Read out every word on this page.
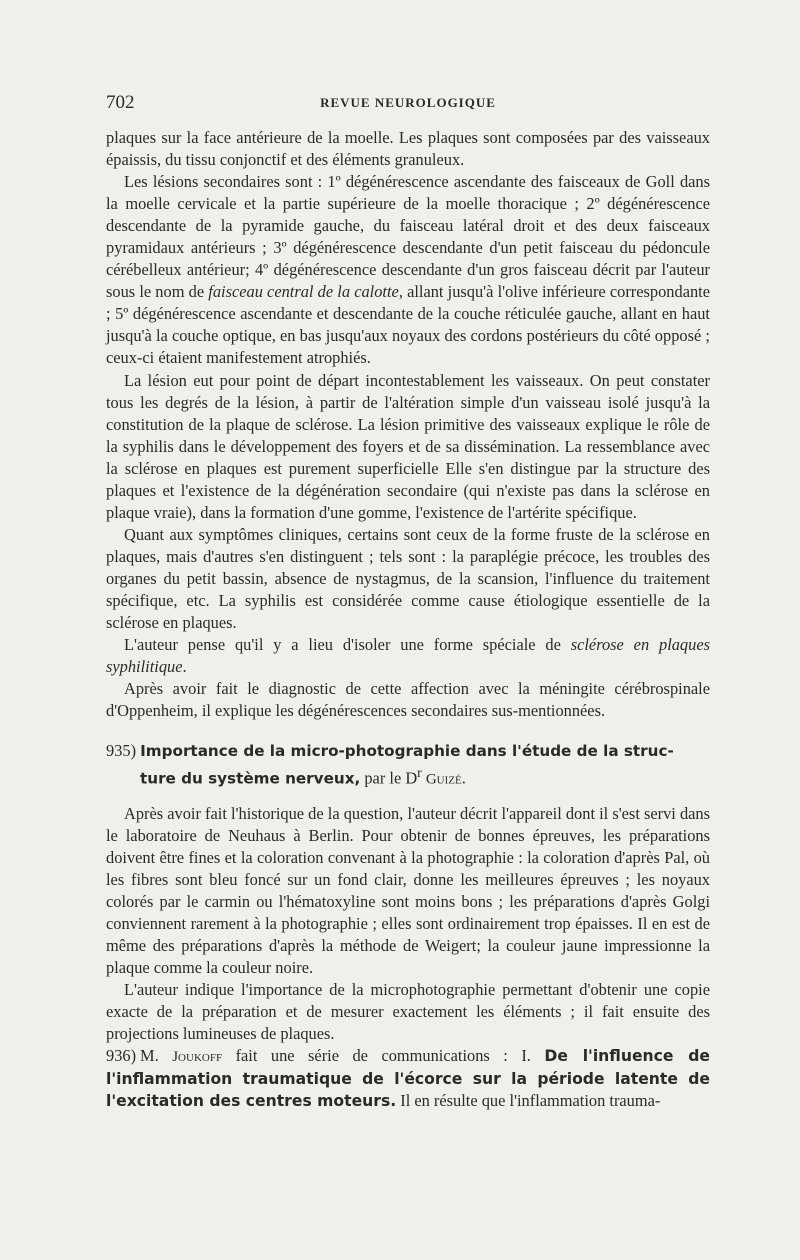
702	REVUE NEUROLOGIQUE

plaques sur la face antérieure de la moelle. Les plaques sont composées par des vaisseaux épaissis, du tissu conjonctif et des éléments granuleux.

Les lésions secondaires sont : 1º dégénérescence ascendante des faisceaux de Goll dans la moelle cervicale et la partie supérieure de la moelle thoracique ; 2º dégénérescence descendante de la pyramide gauche, du faisceau latéral droit et des deux faisceaux pyramidaux antérieurs ; 3º dégénérescence descendante d'un petit faisceau du pédoncule cérébelleux antérieur; 4º dégénérescence descendante d'un gros faisceau décrit par l'auteur sous le nom de faisceau central de la calotte, allant jusqu'à l'olive inférieure correspondante ; 5º dégénérescence ascendante et descendante de la couche réticulée gauche, allant en haut jusqu'à la couche optique, en bas jusqu'aux noyaux des cordons postérieurs du côté opposé ; ceux-ci étaient manifestement atrophiés.

La lésion eut pour point de départ incontestablement les vaisseaux. On peut constater tous les degrés de la lésion, à partir de l'altération simple d'un vaisseau isolé jusqu'à la constitution de la plaque de sclérose. La lésion primitive des vaisseaux explique le rôle de la syphilis dans le développement des foyers et de sa dissémination. La ressemblance avec la sclérose en plaques est purement superficielle Elle s'en distingue par la structure des plaques et l'existence de la dégénération secondaire (qui n'existe pas dans la sclérose en plaque vraie), dans la formation d'une gomme, l'existence de l'artérite spécifique.

Quant aux symptômes cliniques, certains sont ceux de la forme fruste de la sclérose en plaques, mais d'autres s'en distinguent ; tels sont : la paraplégie précoce, les troubles des organes du petit bassin, absence de nystagmus, de la scansion, l'influence du traitement spécifique, etc. La syphilis est considérée comme cause étiologique essentielle de la sclérose en plaques.

L'auteur pense qu'il y a lieu d'isoler une forme spéciale de sclérose en plaques syphilitique.

Après avoir fait le diagnostic de cette affection avec la méningite cérébrospinale d'Oppenheim, il explique les dégénérescences secondaires sus-mentionnées.

935) Importance de la micro-photographie dans l'étude de la struc-
ture du système nerveux, par le $D^r$ Guizé.

Après avoir fait l'historique de la question, l'auteur décrit l'appareil dont il s'est servi dans le laboratoire de Neuhaus à Berlin. Pour obtenir de bonnes épreuves, les préparations doivent être fines et la coloration convenant à la photographie : la coloration d'après Pal, où les fibres sont bleu foncé sur un fond clair, donne les meilleures épreuves ; les noyaux colorés par le carmin ou l'hématoxyline sont moins bons ; les préparations d'après Golgi conviennent rarement à la photographie ; elles sont ordinairement trop épaisses. Il en est de même des préparations d'après la méthode de Weigert; la couleur jaune impressionne la plaque comme la couleur noire.

L'auteur indique l'importance de la microphotographie permettant d'obtenir une copie exacte de la préparation et de mesurer exactement les éléments ; il fait ensuite des projections lumineuses de plaques.

936) M. Joukoff fait une série de communications : I. De l'influence de l'inflammation traumatique de l'écorce sur la période latente de l'excitation des centres moteurs. Il en résulte que l'inflammation trauma-
